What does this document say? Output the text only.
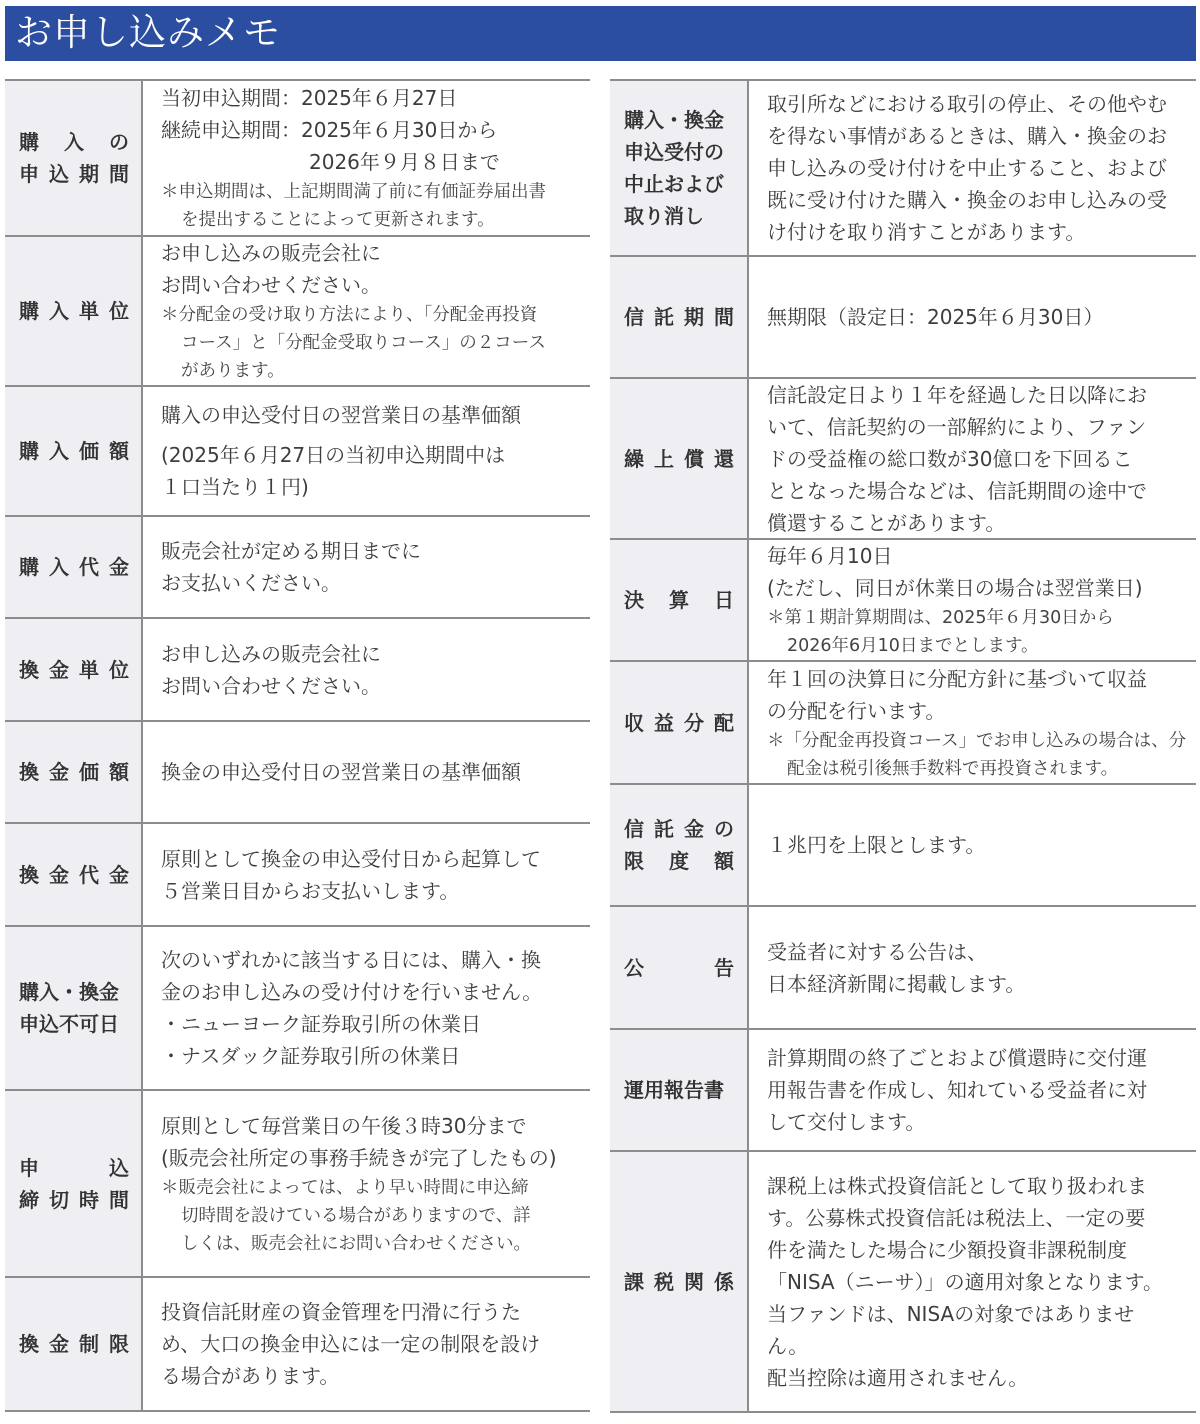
お申し込みメモ
購 入 の
申 込 期 間
当初申込期間：2025年６月27日
継続申込期間：2025年６月30日から
2026年９月８日まで
＊申込期間は、上記期間満了前に有価証券届出書
を提出することによって更新されます。
購 入 単 位
お申し込みの販売会社に
お問い合わせください。
＊分配金の受け取り方法により、「分配金再投資
コース」と「分配金受取りコース」の２コース
があります。
購 入 価 額
購入の申込受付日の翌営業日の基準価額
(2025年６月27日の当初申込期間中は
１口当たり１円)
購 入 代 金
販売会社が定める期日までに
お支払いください。
換 金 単 位
お申し込みの販売会社に
お問い合わせください。
換 金 価 額 換金の申込受付日の翌営業日の基準価額
換 金 代 金
原則として換金の申込受付日から起算して
５営業日目からお支払いします。
購入・換金
申込不可日
次のいずれかに該当する日には、購入・換
金のお申し込みの受け付けを行いません。
・ニューヨーク証券取引所の休業日
・ナスダック証券取引所の休業日
申	込
締 切 時 間
原則として毎営業日の午後３時30分まで
(販売会社所定の事務手続きが完了したもの)
＊販売会社によっては、より早い時間に申込締
切時間を設けている場合がありますので、詳
しくは、販売会社にお問い合わせください。
換 金 制 限
投資信託財産の資金管理を円滑に行うた
め、大口の換金申込には一定の制限を設け
る場合があります。
購入・換金
申込受付の
中止および
取り消し
取引所などにおける取引の停止、その他やむ
を得ない事情があるときは、購入・換金のお
申し込みの受け付けを中止すること、および
既に受け付けた購入・換金のお申し込みの受
け付けを取り消すことがあります。
信 託 期 間 無期限（設定日：2025年６月30日）
繰 上 償 還
信託設定日より１年を経過した日以降にお
いて、信託契約の一部解約により、ファン
ドの受益権の総口数が30億口を下回るこ
ととなった場合などは、信託期間の途中で
償還することがあります。
決 算 日
毎年６月10日
(ただし、同日が休業日の場合は翌営業日)
＊第１期計算期間は、2025年６月30日から
2026年6月10日までとします。
収 益 分 配
年１回の決算日に分配方針に基づいて収益
の分配を行います。
＊「分配金再投資コース」でお申し込みの場合は、分
配金は税引後無手数料で再投資されます。
信 託 金 の
限 度 額
１兆円を上限とします。
公	告
受益者に対する公告は、
日本経済新聞に掲載します。
運用報告書
計算期間の終了ごとおよび償還時に交付運
用報告書を作成し、知れている受益者に対
して交付します。
課 税 関 係
課税上は株式投資信託として取り扱われま
す。公募株式投資信託は税法上、一定の要
件を満たした場合に少額投資非課税制度
「NISA（ニーサ）」の適用対象となります。
当ファンドは、NISAの対象ではありませ
ん。
配当控除は適用されません。
